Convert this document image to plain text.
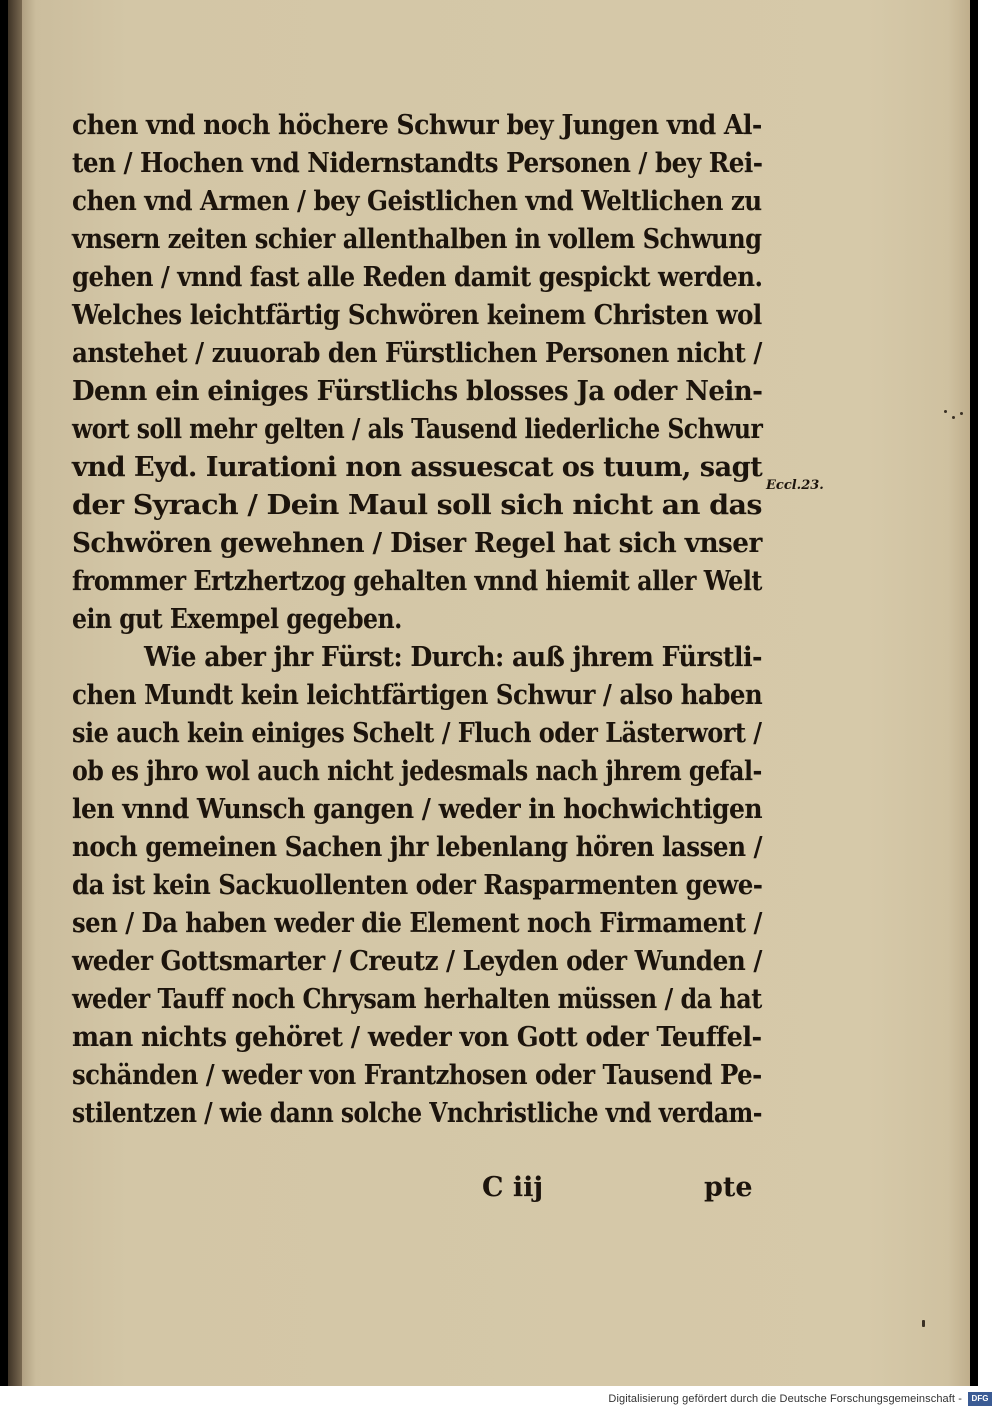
chen vnd noch höchere Schwur bey Jungen vnd Al-
ten / Hochen vnd Nidernstandts Personen / bey Rei-
chen vnd Armen / bey Geistlichen vnd Weltlichen zu
vnsern zeiten schier allenthalben in vollem Schwung
gehen / vnnd fast alle Reden damit gespickt werden.
Welches leichtfärtig Schwören keinem Christen wol
anstehet / zuuorab den Fürstlichen Personen nicht /
Denn ein einiges Fürstlichs blosses Ja oder Nein-
wort soll mehr gelten / als Tausend liederliche Schwur
vnd Eyd. Iurationi non assuescat os tuum, sagt
der Syrach / Dein Maul soll sich nicht an das
Schwören gewehnen / Diser Regel hat sich vnser
frommer Ertzhertzog gehalten vnnd hiemit aller Welt
ein gut Exempel gegeben.
Wie aber jhr Fürst: Durch: auß jhrem Fürstli-
chen Mundt kein leichtfärtigen Schwur / also haben
sie auch kein einiges Schelt / Fluch oder Lästerwort /
ob es jhro wol auch nicht jedesmals nach jhrem gefal-
len vnnd Wunsch gangen / weder in hochwichtigen
noch gemeinen Sachen jhr lebenlang hören lassen /
da ist kein Sackuollenten oder Rasparmenten gewe-
sen / Da haben weder die Element noch Firmament /
weder Gottsmarter / Creutz / Leyden oder Wunden /
weder Tauff noch Chrysam herhalten müssen / da hat
man nichts gehöret / weder von Gott oder Teuffel-
schänden / weder von Frantzhosen oder Tausend Pe-
stilentzen / wie dann solche Vnchristliche vnd verdam-
Eccl.23.
C iij	pte
Digitalisierung gefördert durch die Deutsche Forschungsgemeinschaft -	DFG
